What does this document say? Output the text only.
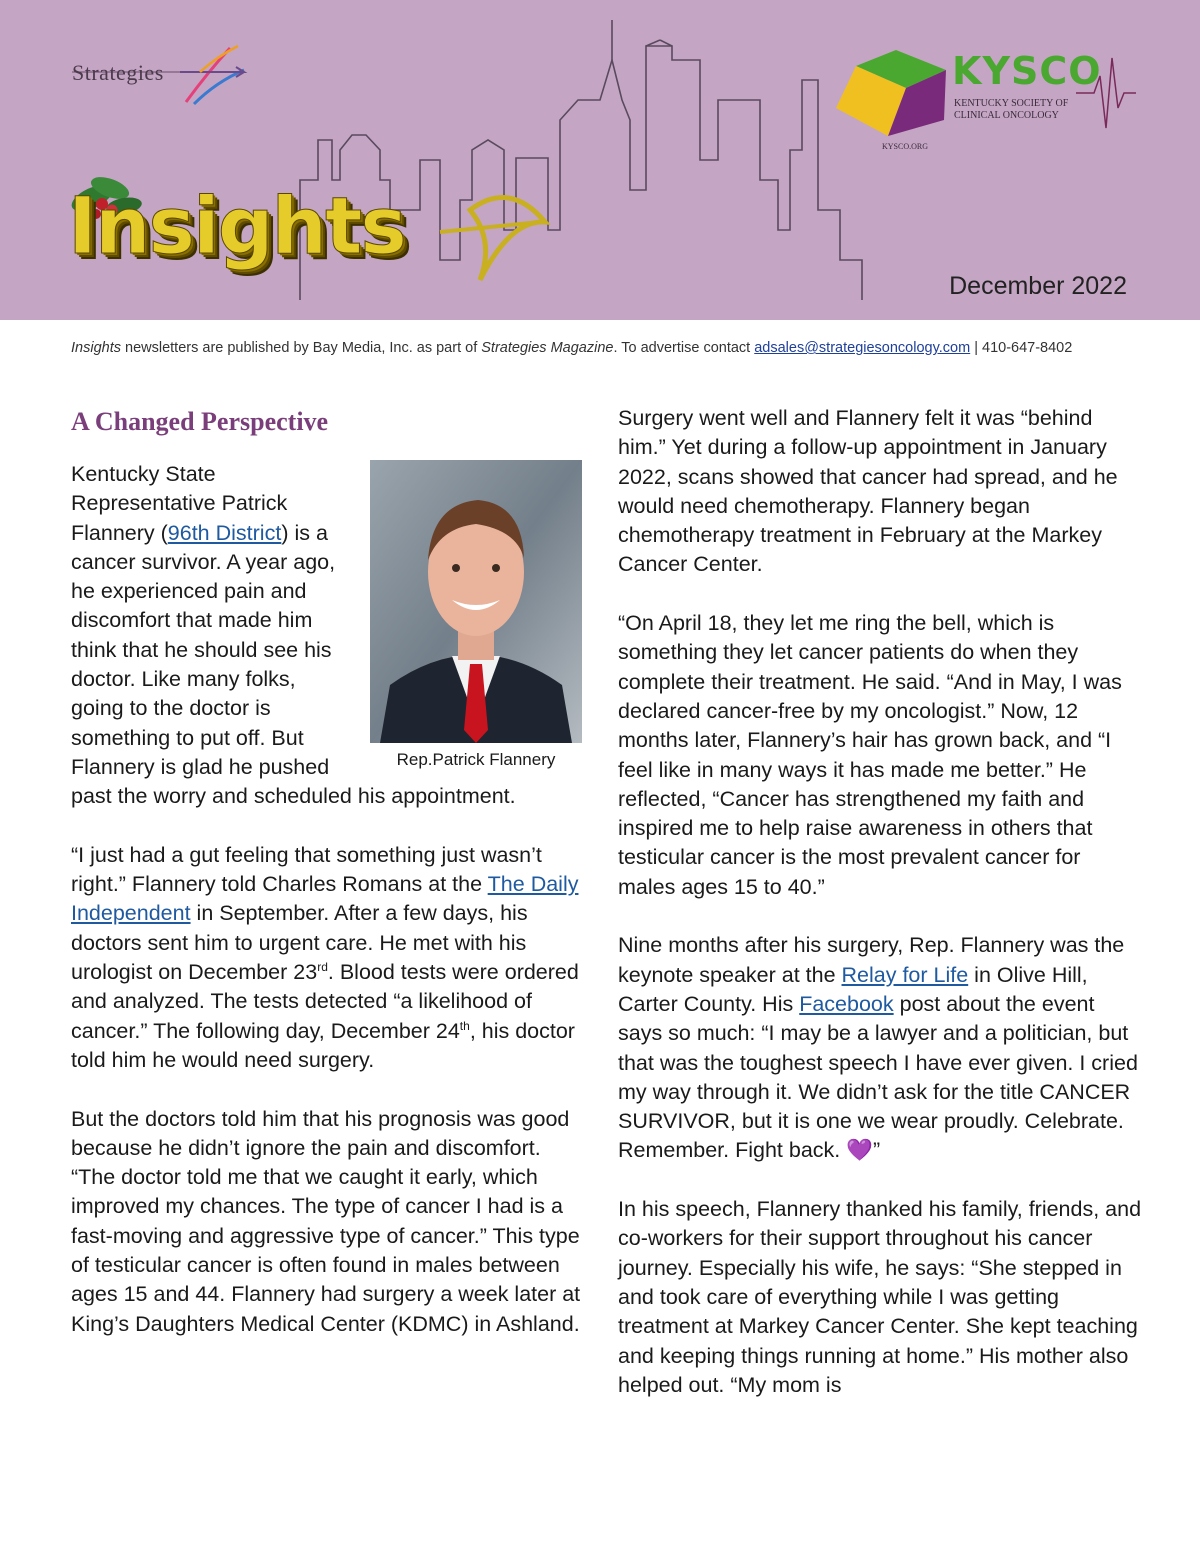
Strategies
Insights
KYSCO
KENTUCKY SOCIETY OF CLINICAL ONCOLOGY
KYSCO.ORG
December 2022
Insights newsletters are published by Bay Media, Inc. as part of Strategies Magazine. To advertise contact adsales@strategiesoncology.com | 410-647-8402
A Changed Perspective
Rep.Patrick Flannery

Kentucky State Representative Patrick Flannery (96th District) is a cancer survivor. A year ago, he experienced pain and discomfort that made him think that he should see his doctor. Like many folks, going to the doctor is something to put off. But Flannery is glad he pushed past the worry and scheduled his appointment.

“I just had a gut feeling that something just wasn’t right.” Flannery told Charles Romans at the The Daily Independent in September. After a few days, his doctors sent him to urgent care. He met with his urologist on December 23rd. Blood tests were ordered and analyzed. The tests detected “a likelihood of cancer.” The following day, December 24th, his doctor told him he would need surgery.

But the doctors told him that his prognosis was good because he didn’t ignore the pain and discomfort. “The doctor told me that we caught it early, which improved my chances. The type of cancer I had is a fast-moving and aggressive type of cancer.” This type of testicular cancer is often found in males between ages 15 and 44. Flannery had surgery a week later at King’s Daughters Medical Center (KDMC) in Ashland.

Surgery went well and Flannery felt it was “behind him.” Yet during a follow-up appointment in January 2022, scans showed that cancer had spread, and he would need chemotherapy. Flannery began chemotherapy treatment in February at the Markey Cancer Center.

“On April 18, they let me ring the bell, which is something they let cancer patients do when they complete their treatment. He said. “And in May, I was declared cancer-free by my oncologist.” Now, 12 months later, Flannery’s hair has grown back, and “I feel like in many ways it has made me better.” He reflected, “Cancer has strengthened my faith and inspired me to help raise awareness in others that testicular cancer is the most prevalent cancer for males ages 15 to 40.”

Nine months after his surgery, Rep. Flannery was the keynote speaker at the Relay for Life in Olive Hill, Carter County. His Facebook post about the event says so much: “I may be a lawyer and a politician, but that was the toughest speech I have ever given. I cried my way through it. We didn’t ask for the title CANCER SURVIVOR, but it is one we wear proudly. Celebrate. Remember. Fight back. 💜”

In his speech, Flannery thanked his family, friends, and co-workers for their support throughout his cancer journey. Especially his wife, he says: “She stepped in and took care of everything while I was getting treatment at Markey Cancer Center. She kept teaching and keeping things running at home.” His mother also helped out. “My mom is
